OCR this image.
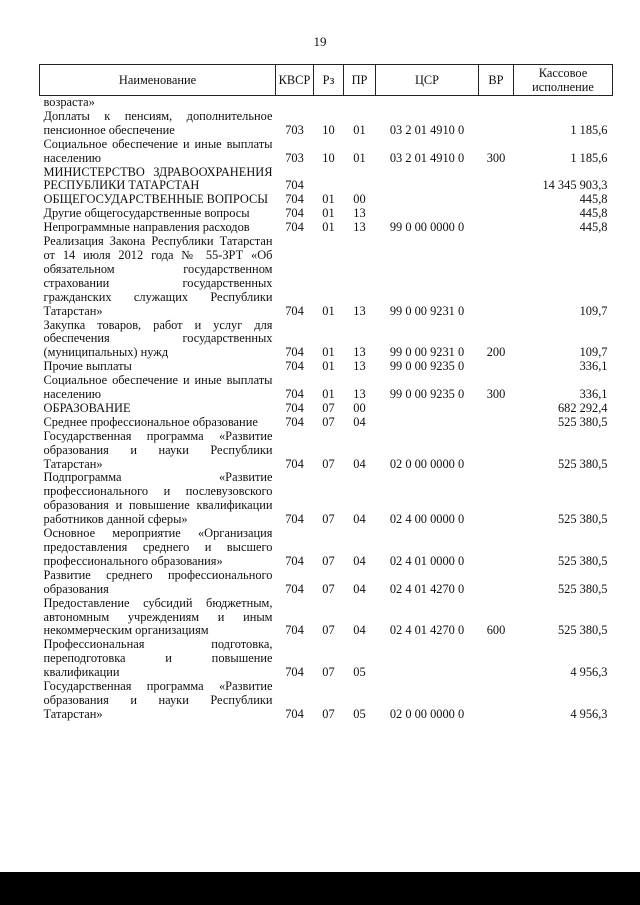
19
Наименование	КВСР	Рз	ПР	ЦСР	ВР	Кассовое исполнение
возраста»						
Доплаты к пенсиям, дополнительное пенсионное обеспечение	703	10	01	03 2 01 4910 0		1 185,6
Социальное обеспечение и иные выплаты населению	703	10	01	03 2 01 4910 0	300	1 185,6
МИНИСТЕРСТВО ЗДРАВООХРАНЕНИЯ РЕСПУБЛИКИ ТАТАРСТАН	704					14 345 903,3
ОБЩЕГОСУДАРСТВЕННЫЕ ВОПРОСЫ	704	01	00			445,8
Другие общегосударственные вопросы	704	01	13			445,8
Непрограммные направления расходов	704	01	13	99 0 00 0000 0		445,8
Реализация Закона Республики Татарстан от 14 июля 2012 года № 55-ЗРТ «Об обязательном государственном страховании государственных гражданских служащих Республики Татарстан»	704	01	13	99 0 00 9231 0		109,7
Закупка товаров, работ и услуг для обеспечения государственных (муниципальных) нужд	704	01	13	99 0 00 9231 0	200	109,7
Прочие выплаты	704	01	13	99 0 00 9235 0		336,1
Социальное обеспечение и иные выплаты населению	704	01	13	99 0 00 9235 0	300	336,1
ОБРАЗОВАНИЕ	704	07	00			682 292,4
Среднее профессиональное образование	704	07	04			525 380,5
Государственная программа «Развитие образования и науки Республики Татарстан»	704	07	04	02 0 00 0000 0		525 380,5
Подпрограмма «Развитие профессионального и послевузовского образования и повышение квалификации работников данной сферы»	704	07	04	02 4 00 0000 0		525 380,5
Основное мероприятие «Организация предоставления среднего и высшего профессионального образования»	704	07	04	02 4 01 0000 0		525 380,5
Развитие среднего профессионального образования	704	07	04	02 4 01 4270 0		525 380,5
Предоставление субсидий бюджетным, автономным учреждениям и иным некоммерческим организациям	704	07	04	02 4 01 4270 0	600	525 380,5
Профессиональная подготовка, переподготовка и повышение квалификации	704	07	05			4 956,3
Государственная программа «Развитие образования и науки Республики Татарстан»	704	07	05	02 0 00 0000 0		4 956,3
